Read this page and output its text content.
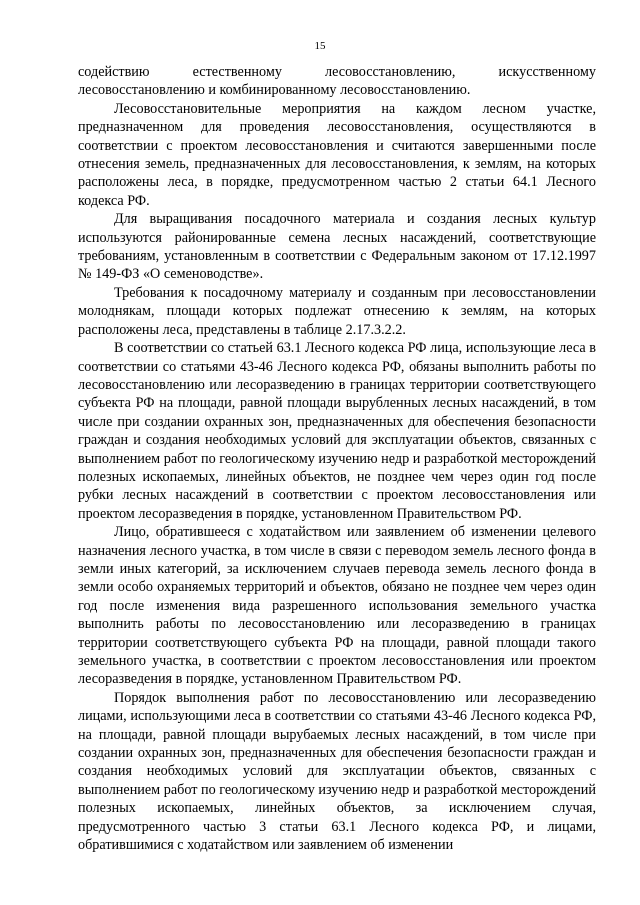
15

содействию естественному лесовосстановлению, искусственному лесовосстановлению и комбинированному лесовосстановлению.

Лесовосстановительные мероприятия на каждом лесном участке, предназначенном для проведения лесовосстановления, осуществляются в соответствии с проектом лесовосстановления и считаются завершенными после отнесения земель, предназначенных для лесовосстановления, к землям, на которых расположены леса, в порядке, предусмотренном частью 2 статьи 64.1 Лесного кодекса РФ.

Для выращивания посадочного материала и создания лесных культур используются районированные семена лесных насаждений, соответствующие требованиям, установленным в соответствии с Федеральным законом от 17.12.1997 № 149-ФЗ «О семеноводстве».

Требования к посадочному материалу и созданным при лесовосстановлении молоднякам, площади которых подлежат отнесению к землям, на которых расположены леса, представлены в таблице 2.17.3.2.2.

В соответствии со статьей 63.1 Лесного кодекса РФ лица, использующие леса в соответствии со статьями 43-46 Лесного кодекса РФ, обязаны выполнить работы по лесовосстановлению или лесоразведению в границах территории соответствующего субъекта РФ на площади, равной площади вырубленных лесных насаждений, в том числе при создании охранных зон, предназначенных для обеспечения безопасности граждан и создания необходимых условий для эксплуатации объектов, связанных с выполнением работ по геологическому изучению недр и разработкой месторождений полезных ископаемых, линейных объектов, не позднее чем через один год после рубки лесных насаждений в соответствии с проектом лесовосстановления или проектом лесоразведения в порядке, установленном Правительством РФ.

Лицо, обратившееся с ходатайством или заявлением об изменении целевого назначения лесного участка, в том числе в связи с переводом земель лесного фонда в земли иных категорий, за исключением случаев перевода земель лесного фонда в земли особо охраняемых территорий и объектов, обязано не позднее чем через один год после изменения вида разрешенного использования земельного участка выполнить работы по лесовосстановлению или лесоразведению в границах территории соответствующего субъекта РФ на площади, равной площади такого земельного участка, в соответствии с проектом лесовосстановления или проектом лесоразведения в порядке, установленном Правительством РФ.

Порядок выполнения работ по лесовосстановлению или лесоразведению лицами, использующими леса в соответствии со статьями 43-46 Лесного кодекса РФ, на площади, равной площади вырубаемых лесных насаждений, в том числе при создании охранных зон, предназначенных для обеспечения безопасности граждан и создания необходимых условий для эксплуатации объектов, связанных с выполнением работ по геологическому изучению недр и разработкой месторождений полезных ископаемых, линейных объектов, за исключением случая, предусмотренного частью 3 статьи 63.1 Лесного кодекса РФ, и лицами, обратившимися с ходатайством или заявлением об изменении
